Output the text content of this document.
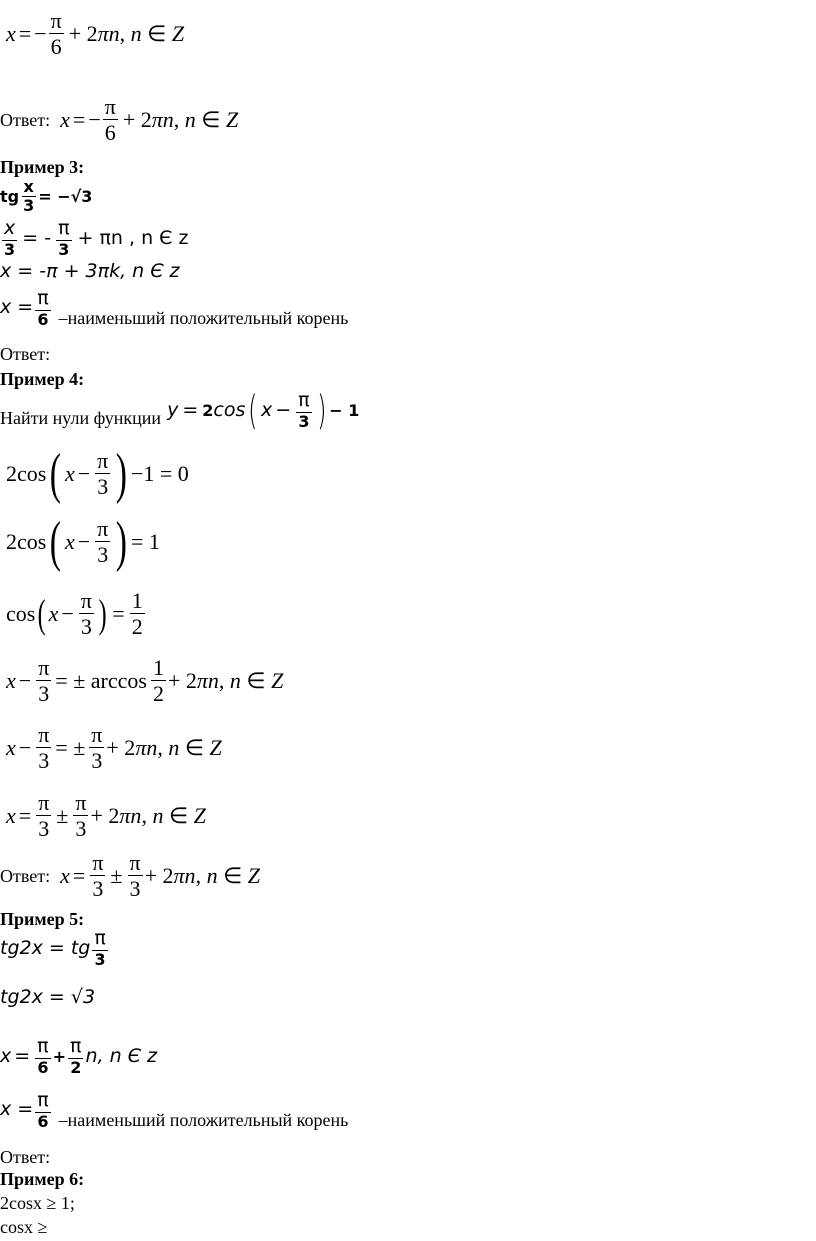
x = − $\frac{\pi}{6} + 2\pi n$, n ∈ Z
Ответ: x = − $\frac{\pi}{6} + 2\pi n$, n ∈ Z
Пример 3:
tg $\frac{x}{3} = -√3$
$\frac{x}{3}$ = - $\frac{\pi}{3} + \pi n$ , n Є z
x = -π + 3πk, n Є z
$x = \frac{\pi}{6}$ –наименьший положительный корень
Ответ:
Пример 4:
Найти нули функции y = 2 cos ( $x - \frac{\pi}{3}$ ) − 1
2cos ( $x - \frac{\pi}{3}$ ) −1 = 0
2cos ( $x - \frac{\pi}{3}$ ) = 1
cos ( $x - \frac{\pi}{3}$ ) = $\frac{1}{2}$
$x - \frac{\pi}{3}$ = ± $\arccos \frac{1}{2} + 2\pi n$, n ∈ Z
$x - \frac{\pi}{3}$ = ± $\frac{\pi}{3} + 2\pi n$, n ∈ Z
$x = \frac{\pi}{3} \pm \frac{\pi}{3} + 2\pi n$, n ∈ Z
Ответ: $x = \frac{\pi}{3} \pm \frac{\pi}{3} + 2\pi n$, n ∈ Z
Пример 5:
tg2x = tg $\frac{\pi}{3}$
tg2x = √3
$x = \frac{\pi}{6} + \frac{\pi}{2} n$, n Є z
$x = \frac{\pi}{6}$ –наименьший положительный корень
Ответ:
Пример 6:
2cosx ≥ 1;
cosx ≥
